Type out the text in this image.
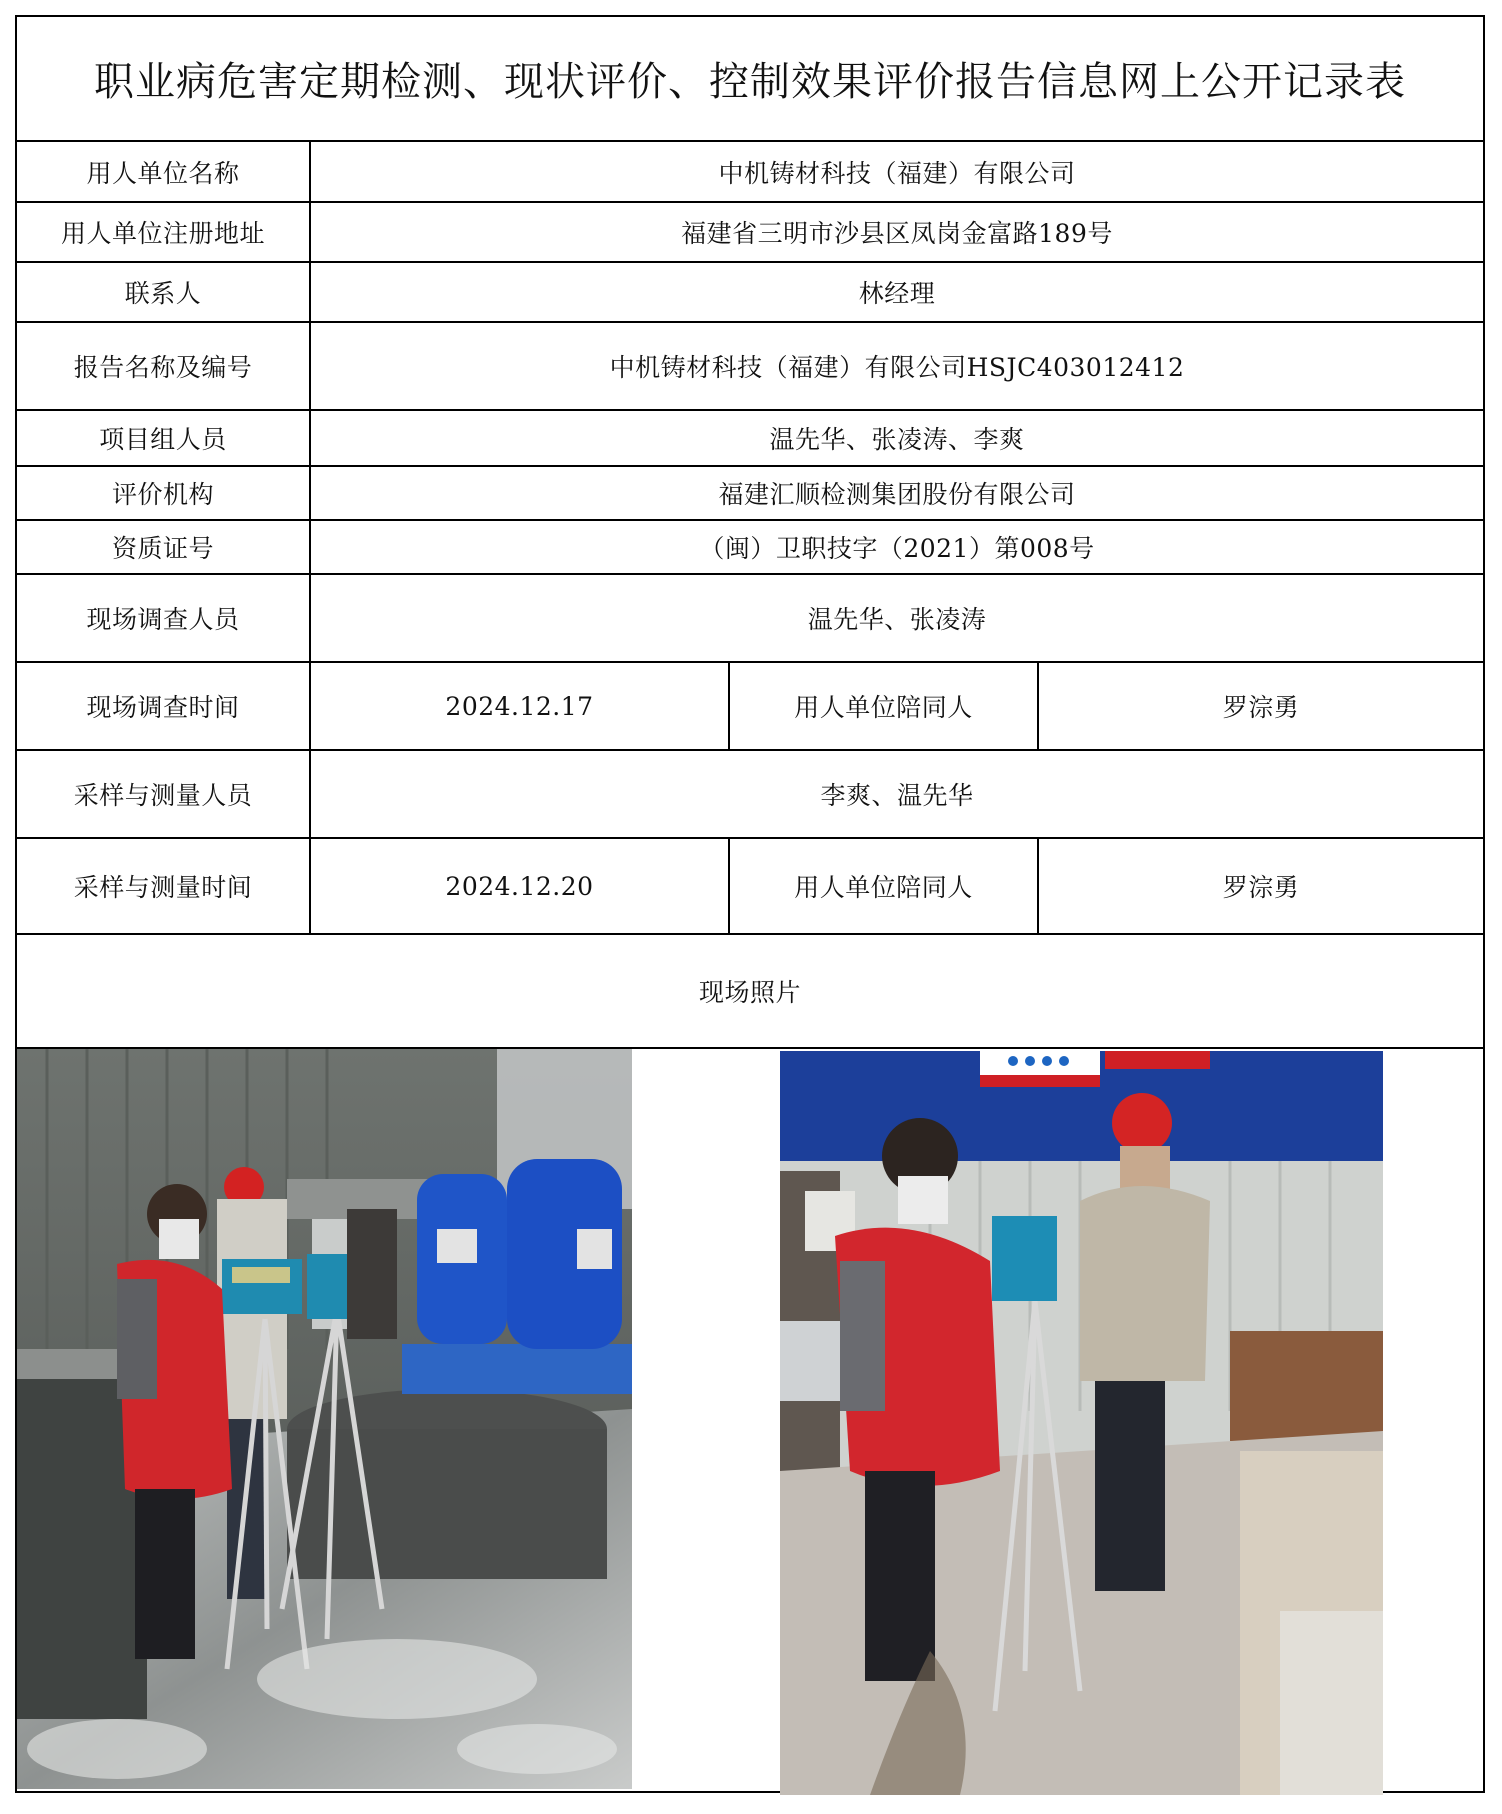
职业病危害定期检测、现状评价、控制效果评价报告信息网上公开记录表
用人单位名称	中机铸材科技（福建）有限公司
用人单位注册地址	福建省三明市沙县区凤岗金富路189号
联系人	林经理
报告名称及编号	中机铸材科技（福建）有限公司HSJC403012412
项目组人员	温先华、张凌涛、李爽
评价机构	福建汇顺检测集团股份有限公司
资质证号	（闽）卫职技字（2021）第008号
现场调查人员	温先华、张凌涛
现场调查时间	2024.12.17	用人单位陪同人	罗淙勇
采样与测量人员	李爽、温先华
采样与测量时间	2024.12.20	用人单位陪同人	罗淙勇
现场照片
